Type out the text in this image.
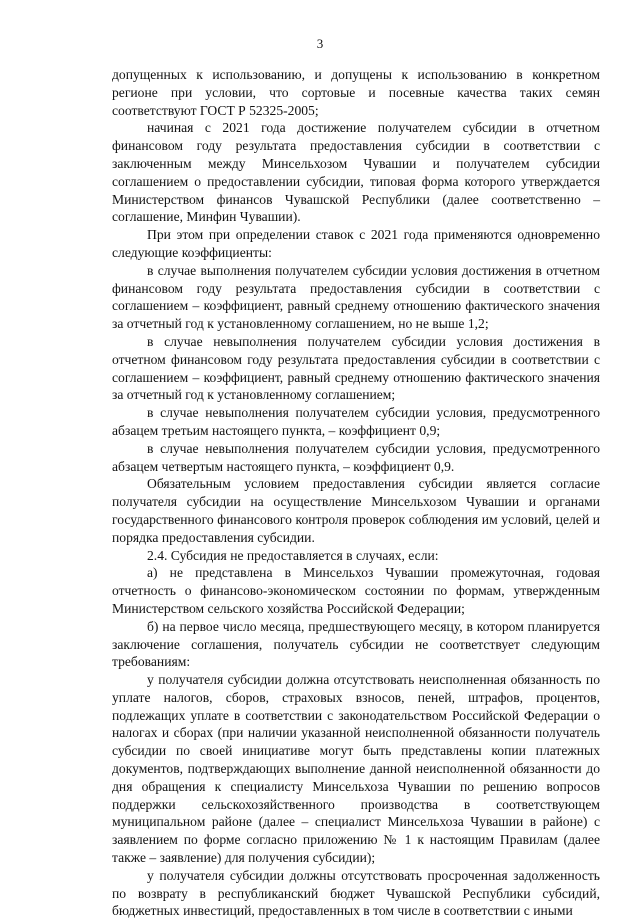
3

допущенных к использованию, и допущены к использованию в конкретном регионе при условии, что сортовые и посевные качества таких семян соответствуют ГОСТ Р 52325-2005;

начиная с 2021 года достижение получателем субсидии в отчетном финансовом году результата предоставления субсидии в соответствии с заключенным между Минсельхозом Чувашии и получателем субсидии соглашением о предоставлении субсидии, типовая форма которого утверждается Министерством финансов Чувашской Республики (далее соответственно – соглашение, Минфин Чувашии).

При этом при определении ставок с 2021 года применяются одновременно следующие коэффициенты:

в случае выполнения получателем субсидии условия достижения в отчетном финансовом году результата предоставления субсидии в соответствии с соглашением – коэффициент, равный среднему отношению фактического значения за отчетный год к установленному соглашением, но не выше 1,2;

в случае невыполнения получателем субсидии условия достижения в отчетном финансовом году результата предоставления субсидии в соответствии с соглашением – коэффициент, равный среднему отношению фактического значения за отчетный год к установленному соглашением;

в случае невыполнения получателем субсидии условия, предусмотренного абзацем третьим настоящего пункта, – коэффициент 0,9;

в случае невыполнения получателем субсидии условия, предусмотренного абзацем четвертым настоящего пункта, – коэффициент 0,9.

Обязательным условием предоставления субсидии является согласие получателя субсидии на осуществление Минсельхозом Чувашии и органами государственного финансового контроля проверок соблюдения им условий, целей и порядка предоставления субсидии.

2.4. Субсидия не предоставляется в случаях, если:

а) не представлена в Минсельхоз Чувашии промежуточная, годовая отчетность о финансово-экономическом состоянии по формам, утвержденным Министерством сельского хозяйства Российской Федерации;

б) на первое число месяца, предшествующего месяцу, в котором планируется заключение соглашения, получатель субсидии не соответствует следующим требованиям:

у получателя субсидии должна отсутствовать неисполненная обязанность по уплате налогов, сборов, страховых взносов, пеней, штрафов, процентов, подлежащих уплате в соответствии с законодательством Российской Федерации о налогах и сборах (при наличии указанной неисполненной обязанности получатель субсидии по своей инициативе могут быть представлены копии платежных документов, подтверждающих выполнение данной неисполненной обязанности до дня обращения к специалисту Минсельхоза Чувашии по решению вопросов поддержки сельскохозяйственного производства в соответствующем муниципальном районе (далее – специалист Минсельхоза Чувашии в районе) с заявлением по форме согласно приложению № 1 к настоящим Правилам (далее также – заявление) для получения субсидии);

у получателя субсидии должны отсутствовать просроченная задолженность по возврату в республиканский бюджет Чувашской Республики субсидий, бюджетных инвестиций, предоставленных в том числе в соответствии с иными
